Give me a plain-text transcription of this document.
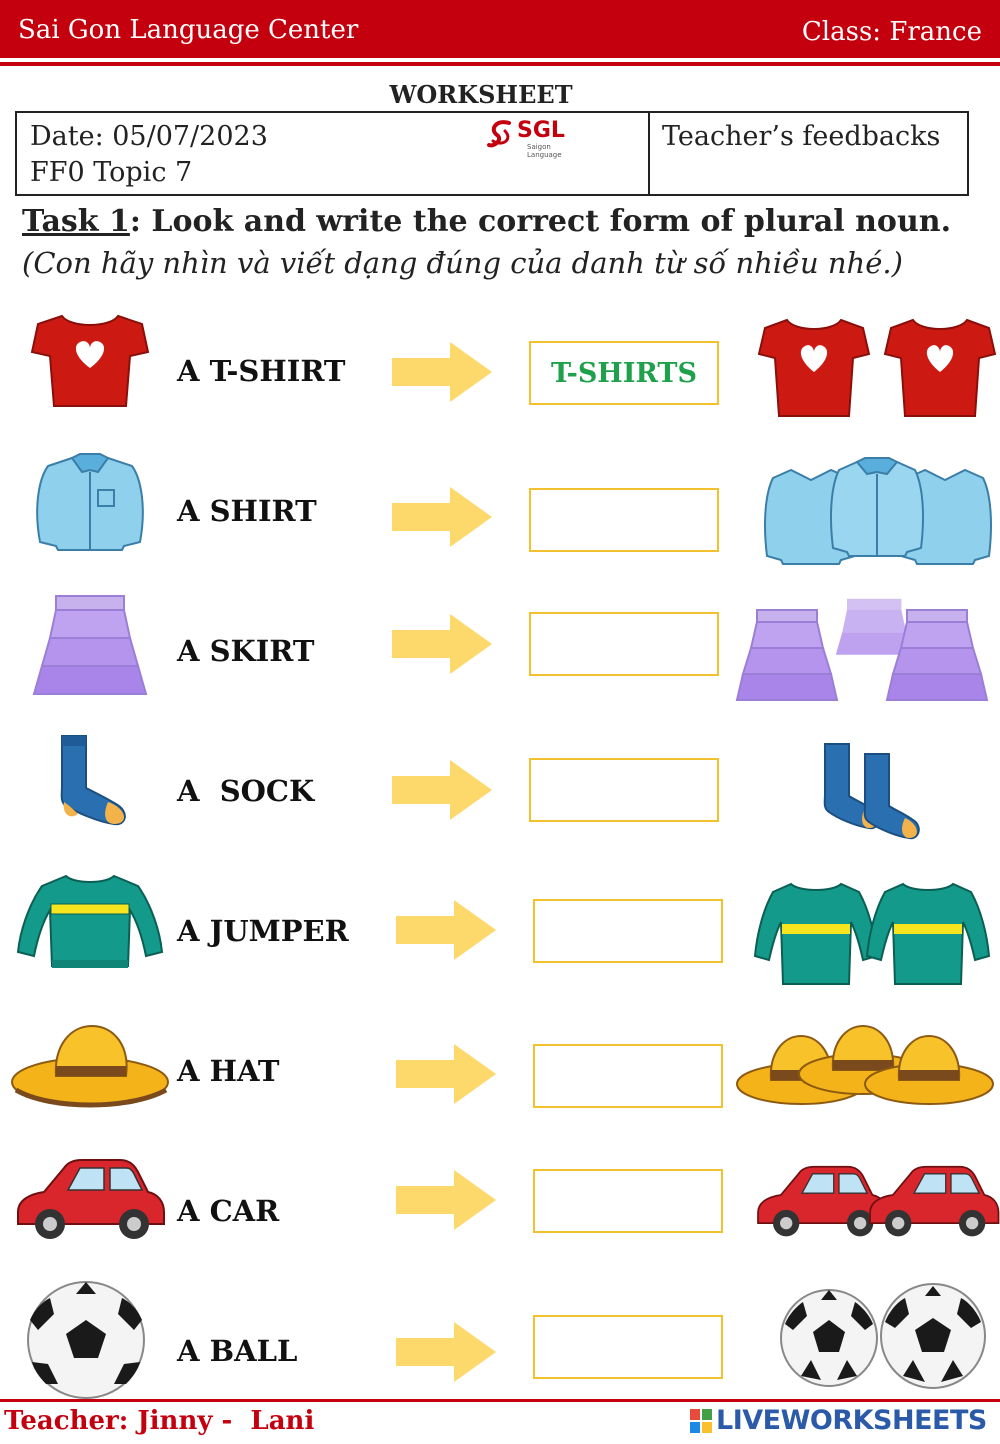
Sai Gon Language Center	Class: France
WORKSHEET
Date: 05/07/2023
FF0 Topic 7
SGL
Saigon Language
Teacher’s feedbacks
Task 1: Look and write the correct form of plural noun.
(Con hãy nhìn và viết dạng đúng của danh từ số nhiều nhé.)
A T-SHIRT	T-SHIRTS
A SHIRT
A SKIRT
A  SOCK
A JUMPER
A HAT
A CAR
A BALL
Teacher: Jinny -  Lani	LIVEWORKSHEETS
